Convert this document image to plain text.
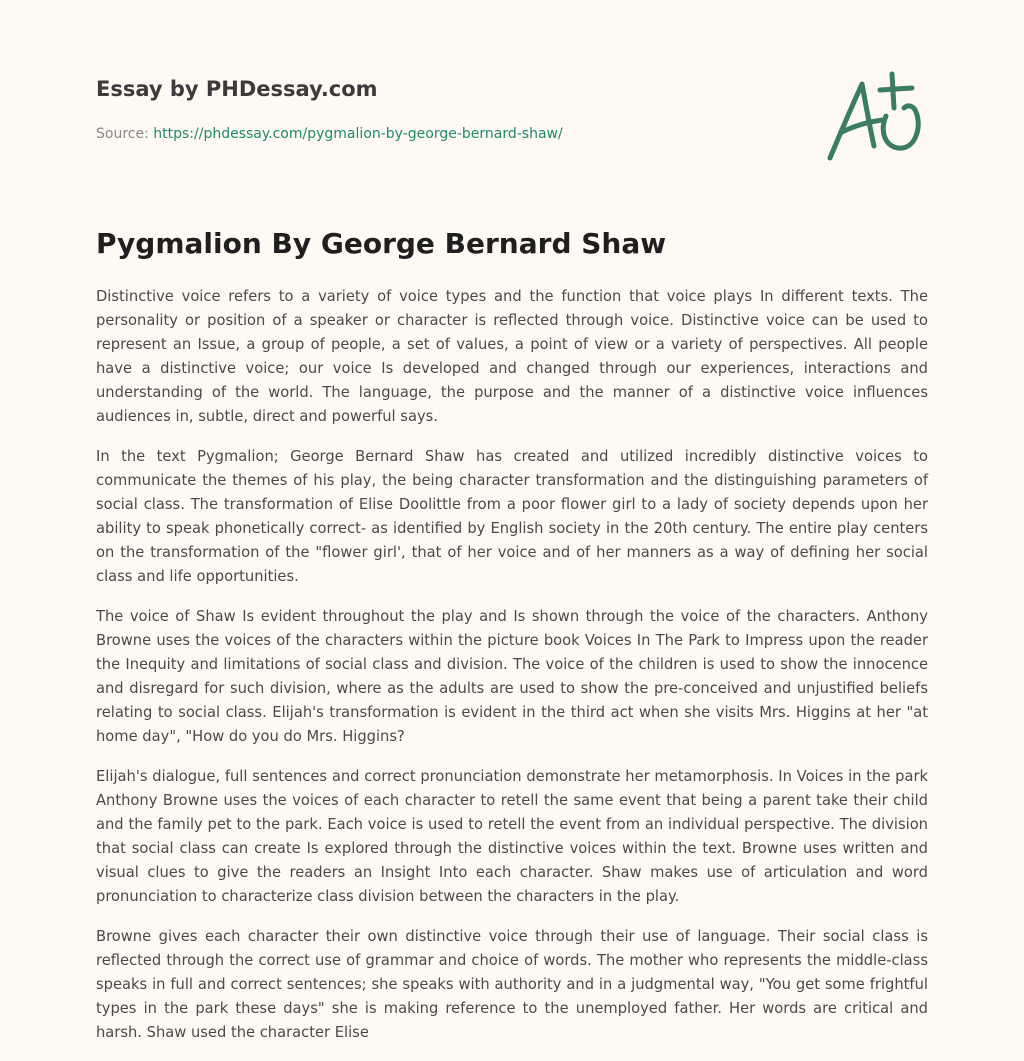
Essay by PHDessay.com
Source: https://phdessay.com/pygmalion-by-george-bernard-shaw/
Pygmalion By George Bernard Shaw

Distinctive voice refers to a variety of voice types and the function that voice plays In different texts. The personality or position of a speaker or character is reflected through voice. Distinctive voice can be used to represent an Issue, a group of people, a set of values, a point of view or a variety of perspectives. All people have a distinctive voice; our voice Is developed and changed through our experiences, interactions and understanding of the world. The language, the purpose and the manner of a distinctive voice influences audiences in, subtle, direct and powerful says.

In the text Pygmalion; George Bernard Shaw has created and utilized incredibly distinctive voices to communicate the themes of his play, the being character transformation and the distinguishing parameters of social class. The transformation of Elise Doolittle from a poor flower girl to a lady of society depends upon her ability to speak phonetically correct- as identified by English society in the 20th century. The entire play centers on the transformation of the "flower girl', that of her voice and of her manners as a way of defining her social class and life opportunities.

The voice of Shaw Is evident throughout the play and Is shown through the voice of the characters. Anthony Browne uses the voices of the characters within the picture book Voices In The Park to Impress upon the reader the Inequity and limitations of social class and division. The voice of the children is used to show the innocence and disregard for such division, where as the adults are used to show the pre-conceived and unjustified beliefs relating to social class. Elijah's transformation is evident in the third act when she visits Mrs. Higgins at her "at home day", "How do you do Mrs. Higgins?

Elijah's dialogue, full sentences and correct pronunciation demonstrate her metamorphosis. In Voices in the park Anthony Browne uses the voices of each character to retell the same event that being a parent take their child and the family pet to the park. Each voice is used to retell the event from an individual perspective. The division that social class can create Is explored through the distinctive voices within the text. Browne uses written and visual clues to give the readers an Insight Into each character. Shaw makes use of articulation and word pronunciation to characterize class division between the characters in the play.

Browne gives each character their own distinctive voice through their use of language. Their social class is reflected through the correct use of grammar and choice of words. The mother who represents the middle-class speaks in full and correct sentences; she speaks with authority and in a judgmental way, "You get some frightful types in the park these days" she is making reference to the unemployed father. Her words are critical and harsh. Shaw used the character Elise
